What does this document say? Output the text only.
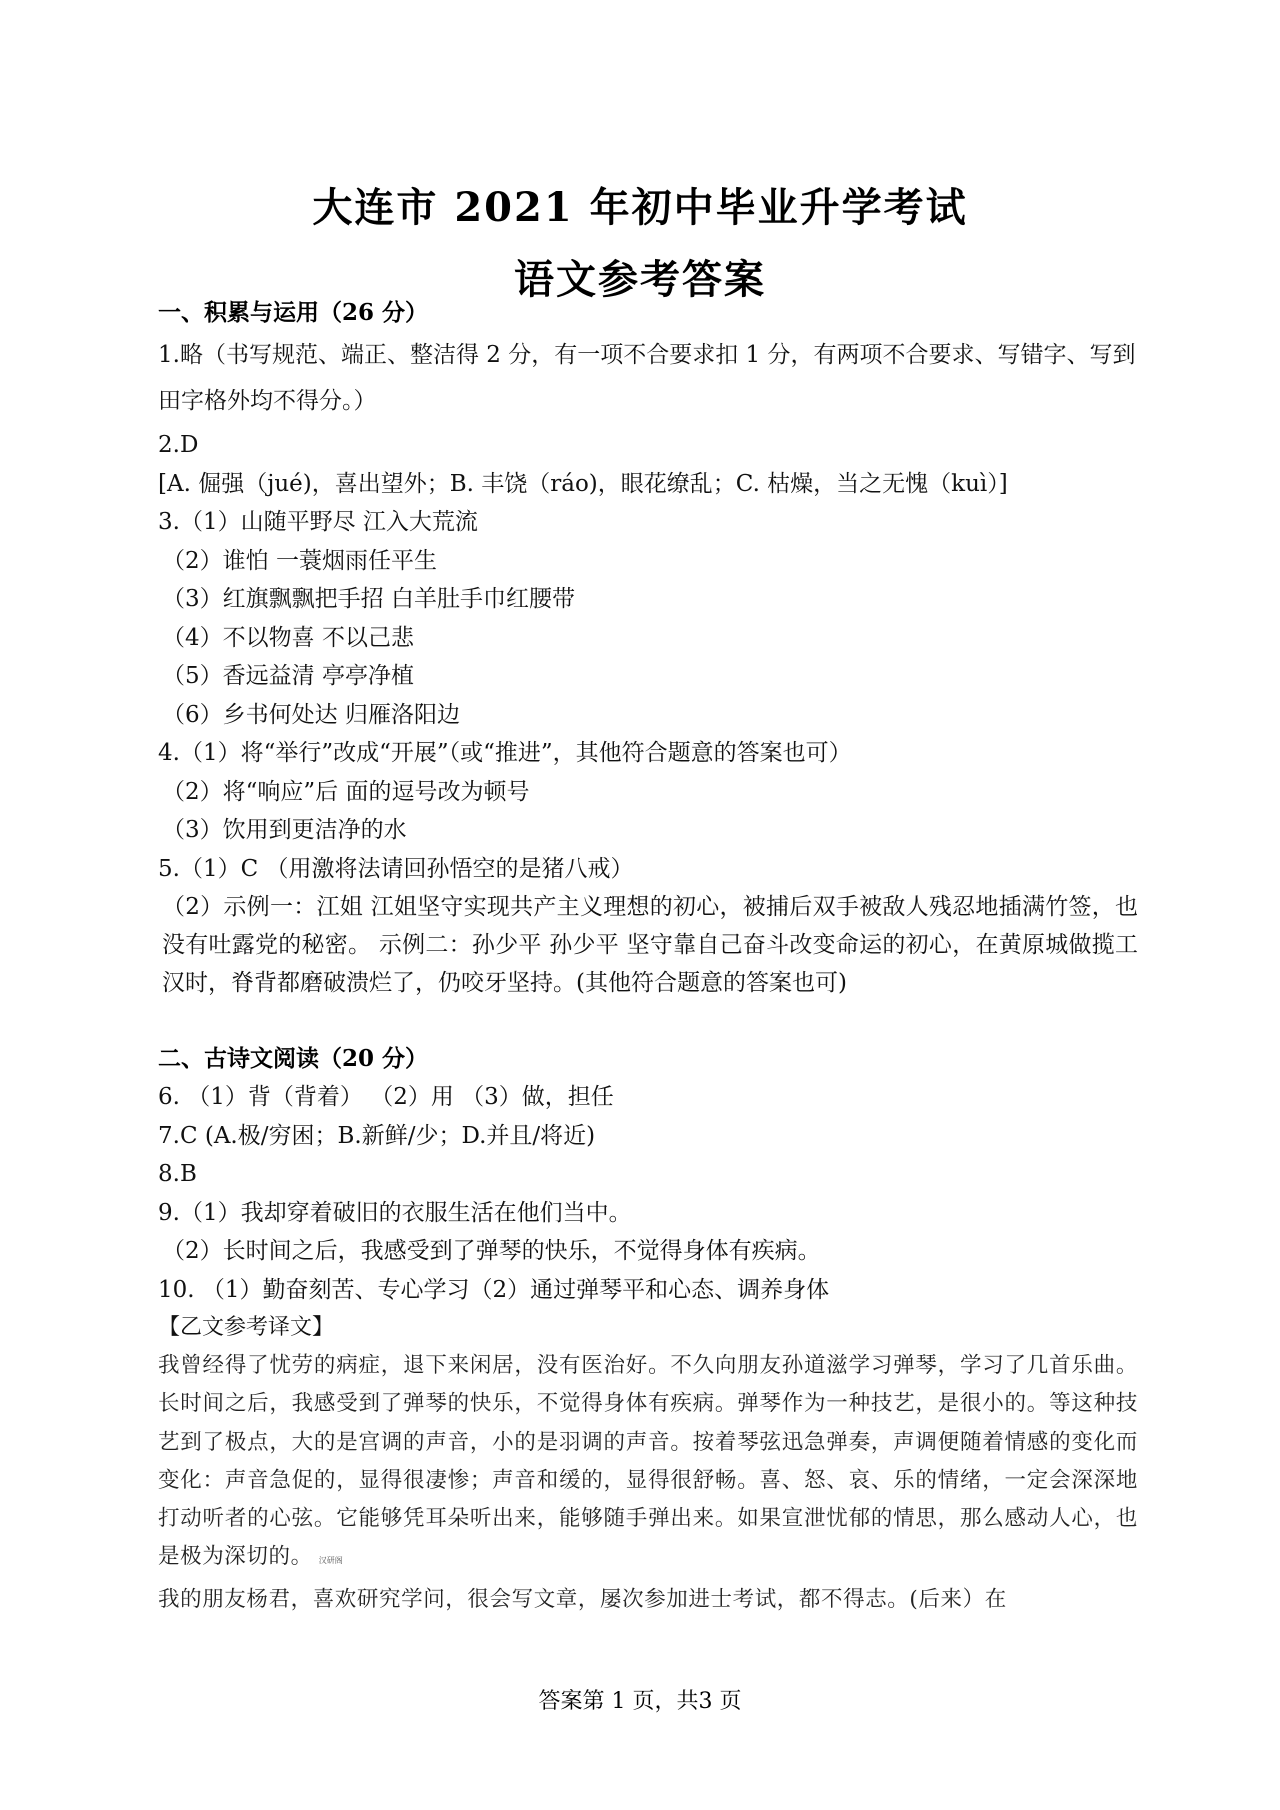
大连市 2021 年初中毕业升学考试
语文参考答案
一、积累与运用（26 分）
1.略（书写规范、端正、整洁得 2 分，有一项不合要求扣 1 分，有两项不合要求、写错字、写到田字格外均不得分。）
2.D
[A. 倔强（jué)，喜出望外；B. 丰饶（ráo)，眼花缭乱；C. 枯燥，当之无愧（kuì）]
3.（1）山随平野尽 江入大荒流
（2）谁怕 一蓑烟雨任平生
（3）红旗飘飘把手招 白羊肚手巾红腰带
（4）不以物喜 不以己悲
（5）香远益清 亭亭净植
（6）乡书何处达 归雁洛阳边
4.（1）将“举行”改成“开展”（或“推进”，其他符合题意的答案也可）
（2）将“响应”后 面的逗号改为顿号
（3）饮用到更洁净的水
5.（1）C （用激将法请回孙悟空的是猪八戒）
（2）示例一：江姐 江姐坚守实现共产主义理想的初心，被捕后双手被敌人残忍地插满竹签，也没有吐露党的秘密。 示例二：孙少平 孙少平 坚守靠自己奋斗改变命运的初心，在黄原城做揽工汉时，脊背都磨破溃烂了，仍咬牙坚持。(其他符合题意的答案也可)
二、古诗文阅读（20 分）
6. （1）背（背着） （2）用 （3）做，担任
7.C (A.极/穷困；B.新鲜/少；D.并且/将近)
8.B
9.（1）我却穿着破旧的衣服生活在他们当中。
（2）长时间之后，我感受到了弹琴的快乐，不觉得身体有疾病。
10. （1）勤奋刻苦、专心学习（2）通过弹琴平和心态、调养身体
【乙文参考译文】
我曾经得了忧劳的病症，退下来闲居，没有医治好。不久向朋友孙道滋学习弹琴，学习了几首乐曲。长时间之后，我感受到了弹琴的快乐，不觉得身体有疾病。弹琴作为一种技艺，是很小的。等这种技艺到了极点，大的是宫调的声音，小的是羽调的声音。按着琴弦迅急弹奏，声调便随着情感的变化而变化：声音急促的，显得很凄惨；声音和缓的，显得很舒畅。喜、怒、哀、乐的情绪，一定会深深地打动听者的心弦。它能够凭耳朵听出来，能够随手弹出来。如果宣泄忧郁的情思，那么感动人心，也是极为深切的。 汉研阁
我的朋友杨君，喜欢研究学问，很会写文章，屡次参加进士考试，都不得志。(后来）在
答案第 1 页，共3 页
